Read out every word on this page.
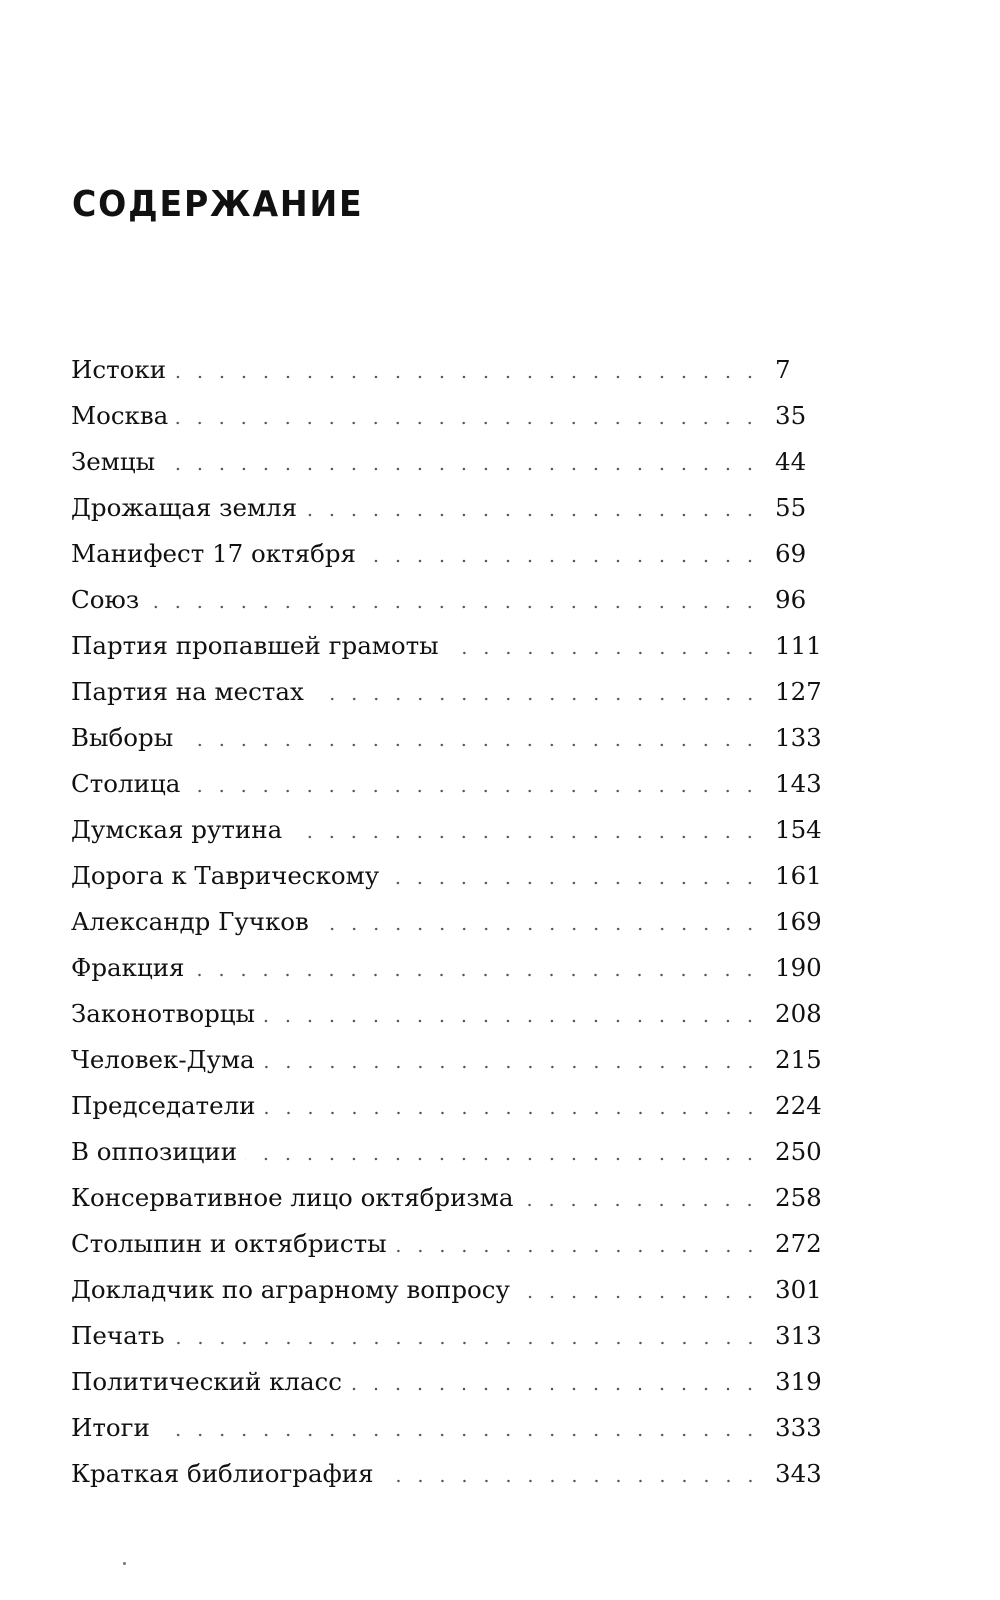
СОДЕРЖАНИЕ
Истоки	7
Москва	35
Земцы	44
Дрожащая земля	55
Манифест 17 октября	69
Союз	96
Партия пропавшей грамоты	111
Партия на местах	127
Выборы	133
Столица	143
Думская рутина	154
Дорога к Таврическому	161
Александр Гучков	169
Фракция	190
Законотворцы	208
Человек-Дума	215
Председатели	224
В оппозиции	250
Консервативное лицо октябризма	258
Столыпин и октябристы	272
Докладчик по аграрному вопросу	301
Печать	313
Политический класс	319
Итоги	333
Краткая библиография	343
